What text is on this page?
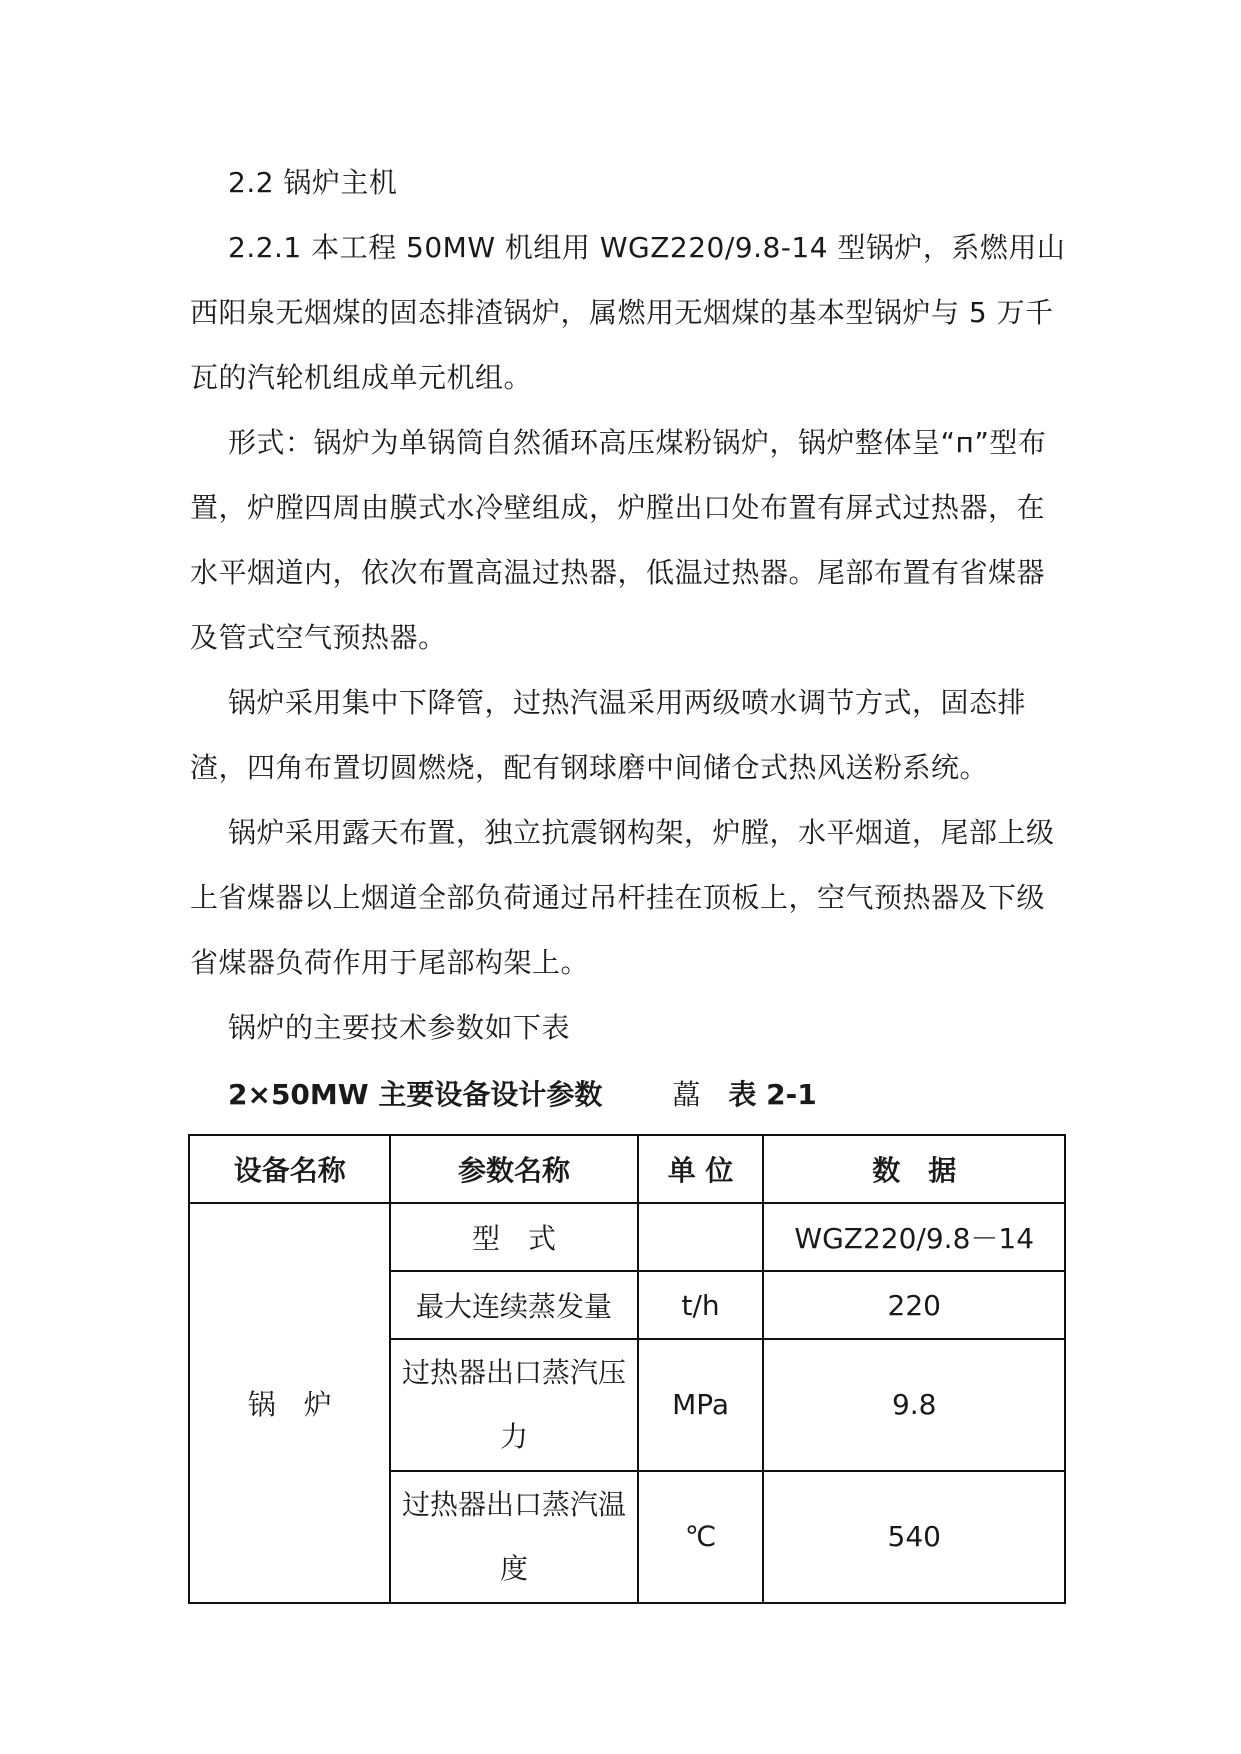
2.2 锅炉主机

2.2.1 本工程 50MW 机组用 WGZ220/9.8-14 型锅炉，系燃用山西阳泉无烟煤的固态排渣锅炉，属燃用无烟煤的基本型锅炉与 5 万千瓦的汽轮机组成单元机组。

形式：锅炉为单锅筒自然循环高压煤粉锅炉，锅炉整体呈“п”型布置，炉膛四周由膜式水冷壁组成，炉膛出口处布置有屏式过热器，在水平烟道内，依次布置高温过热器，低温过热器。尾部布置有省煤器及管式空气预热器。

锅炉采用集中下降管，过热汽温采用两级喷水调节方式，固态排渣，四角布置切圆燃烧，配有钢球磨中间储仓式热风送粉系统。

锅炉采用露天布置，独立抗震钢构架，炉膛，水平烟道，尾部上级上省煤器以上烟道全部负荷通过吊杆挂在顶板上，空气预热器及下级省煤器负荷作用于尾部构架上。

锅炉的主要技术参数如下表

2×50MW 主要设备设计参数	藠 表 2-1
设备名称	参数名称	单 位	数　据
锅　炉	型　式		WGZ220/9.8－14
	最大连续蒸发量	t/h	220
	过热器出口蒸汽压力	MPa	9.8
	过热器出口蒸汽温度	℃	540
